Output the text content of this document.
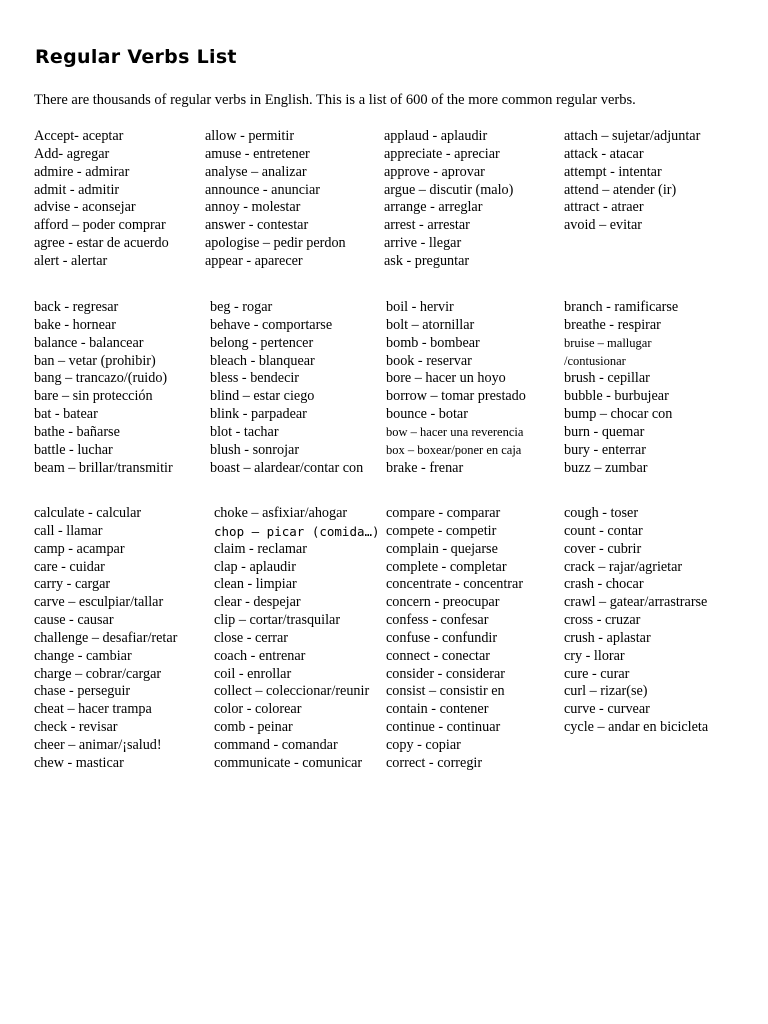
Regular Verbs List

There are thousands of regular verbs in English. This is a list of 600 of the more common regular verbs.

Accept- aceptar
Add- agregar
admire - admirar
admit - admitir
advise - aconsejar
afford – poder comprar
agree - estar de acuerdo
alert - alertar
allow - permitir
amuse - entretener
analyse – analizar
announce - anunciar
annoy - molestar
answer - contestar
apologise – pedir perdon
appear - aparecer
applaud - aplaudir
appreciate - apreciar
approve - aprovar
argue – discutir (malo)
arrange - arreglar
arrest - arrestar
arrive - llegar
ask - preguntar
attach – sujetar/adjuntar
attack - atacar
attempt - intentar
attend – atender (ir)
attract - atraer
avoid – evitar
back - regresar
bake - hornear
balance - balancear
ban – vetar (prohibir)
bang – trancazo/(ruido)
bare – sin protección
bat - batear
bathe - bañarse
battle - luchar
beam – brillar/transmitir
beg - rogar
behave - comportarse
belong - pertencer
bleach - blanquear
bless - bendecir
blind – estar ciego
blink - parpadear
blot - tachar
blush - sonrojar
boast – alardear/contar con
boil - hervir
bolt – atornillar
bomb - bombear
book - reservar
bore – hacer un hoyo
borrow – tomar prestado
bounce - botar
bow – hacer una reverencia
box – boxear/poner en caja
brake - frenar
branch - ramificarse
breathe - respirar
bruise – mallugar
/contusionar
brush - cepillar
bubble - burbujear
bump – chocar con
burn - quemar
bury - enterrar
buzz – zumbar
calculate - calcular
call - llamar
camp - acampar
care - cuidar
carry - cargar
carve – esculpiar/tallar
cause - causar
challenge – desafiar/retar
change - cambiar
charge – cobrar/cargar
chase - perseguir
cheat – hacer trampa
check - revisar
cheer – animar/¡salud!
chew - masticar
choke – asfixiar/ahogar
chop – picar (comida…)
claim - reclamar
clap - aplaudir
clean - limpiar
clear - despejar
clip – cortar/trasquilar
close - cerrar
coach - entrenar
coil - enrollar
collect – coleccionar/reunir
color - colorear
comb - peinar
command - comandar
communicate - comunicar
compare - comparar
compete - competir
complain - quejarse
complete - completar
concentrate - concentrar
concern - preocupar
confess - confesar
confuse - confundir
connect - conectar
consider - considerar
consist – consistir en
contain - contener
continue - continuar
copy - copiar
correct - corregir
cough - toser
count - contar
cover - cubrir
crack – rajar/agrietar
crash - chocar
crawl – gatear/arrastrarse
cross - cruzar
crush - aplastar
cry - llorar
cure - curar
curl – rizar(se)
curve - curvear
cycle – andar en bicicleta
